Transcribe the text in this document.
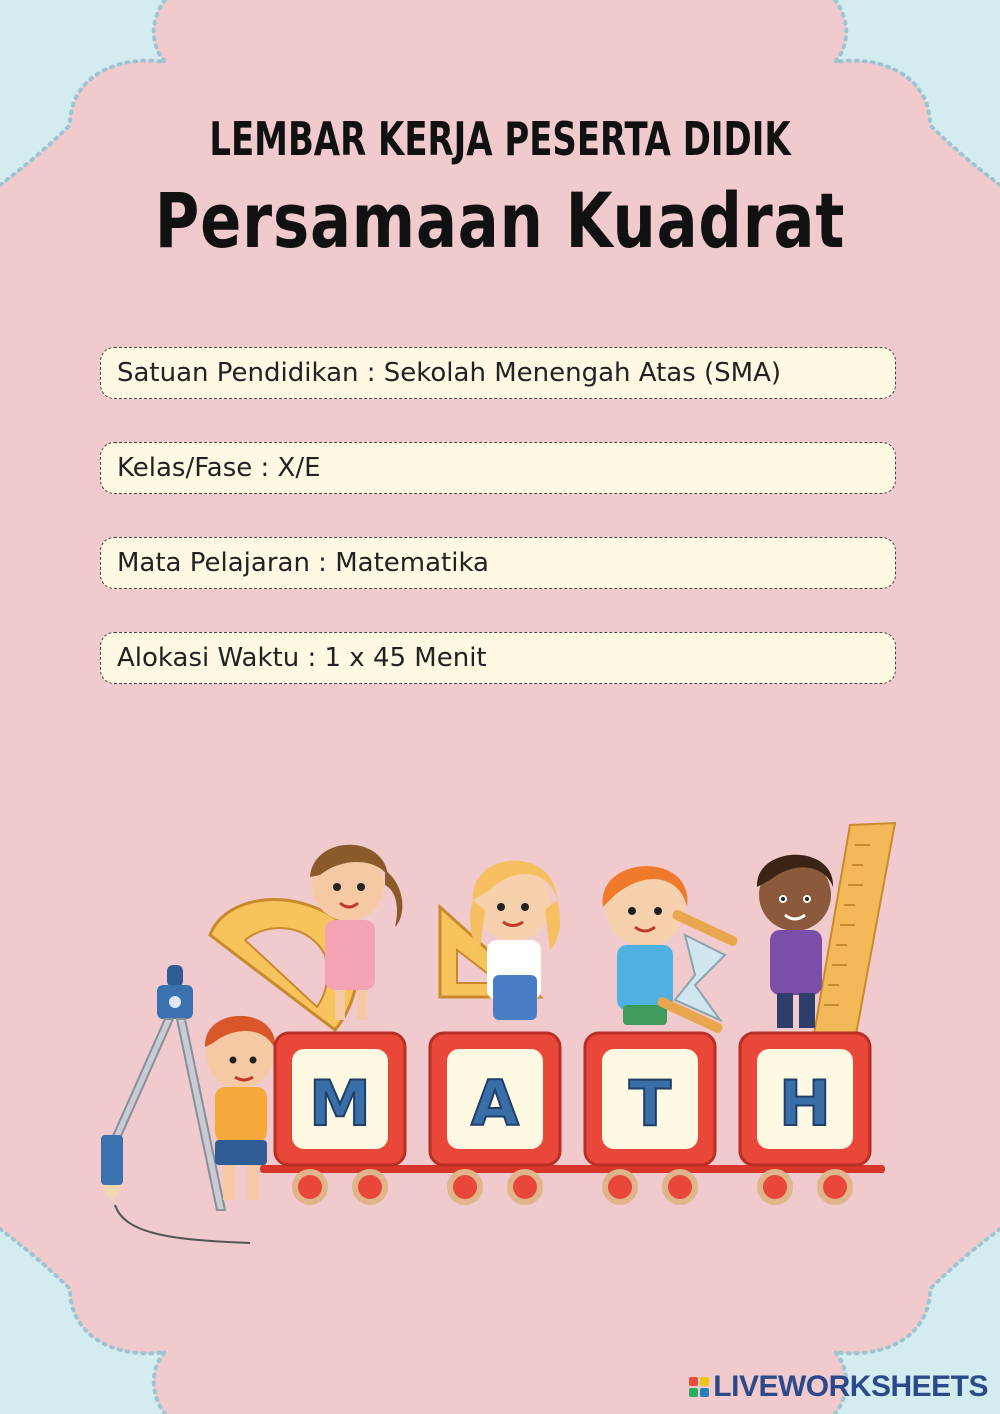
LEMBAR KERJA PESERTA DIDIK
Persamaan Kuadrat
Satuan Pendidikan : Sekolah Menengah Atas (SMA)
Kelas/Fase : X/E
Mata Pelajaran : Matematika
Alokasi Waktu : 1 x 45 Menit
M A T H
LIVEWORKSHEETS
